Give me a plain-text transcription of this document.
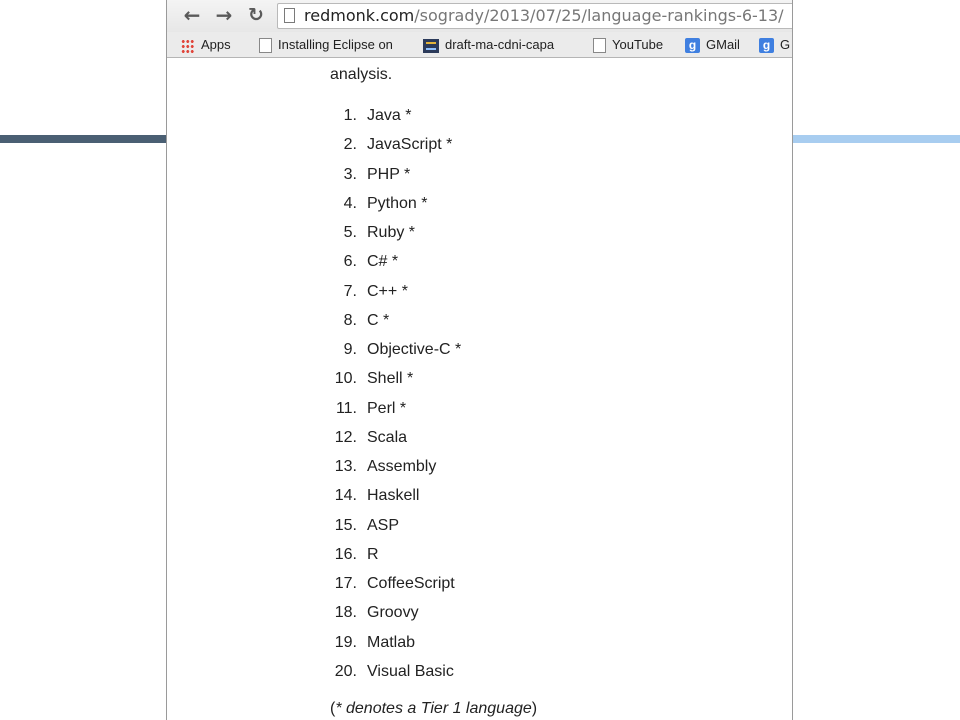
← → ↻	redmonk.com/sogrady/2013/07/25/language-rankings-6-13/
Apps	Installing Eclipse on	draft-ma-cdni-capa	YouTube	g GMail	g G
analysis.
1. Java *
2. JavaScript *
3. PHP *
4. Python *
5. Ruby *
6. C# *
7. C++ *
8. C *
9. Objective-C *
10. Shell *
11. Perl *
12. Scala
13. Assembly
14. Haskell
15. ASP
16. R
17. CoffeeScript
18. Groovy
19. Matlab
20. Visual Basic
(* denotes a Tier 1 language)
